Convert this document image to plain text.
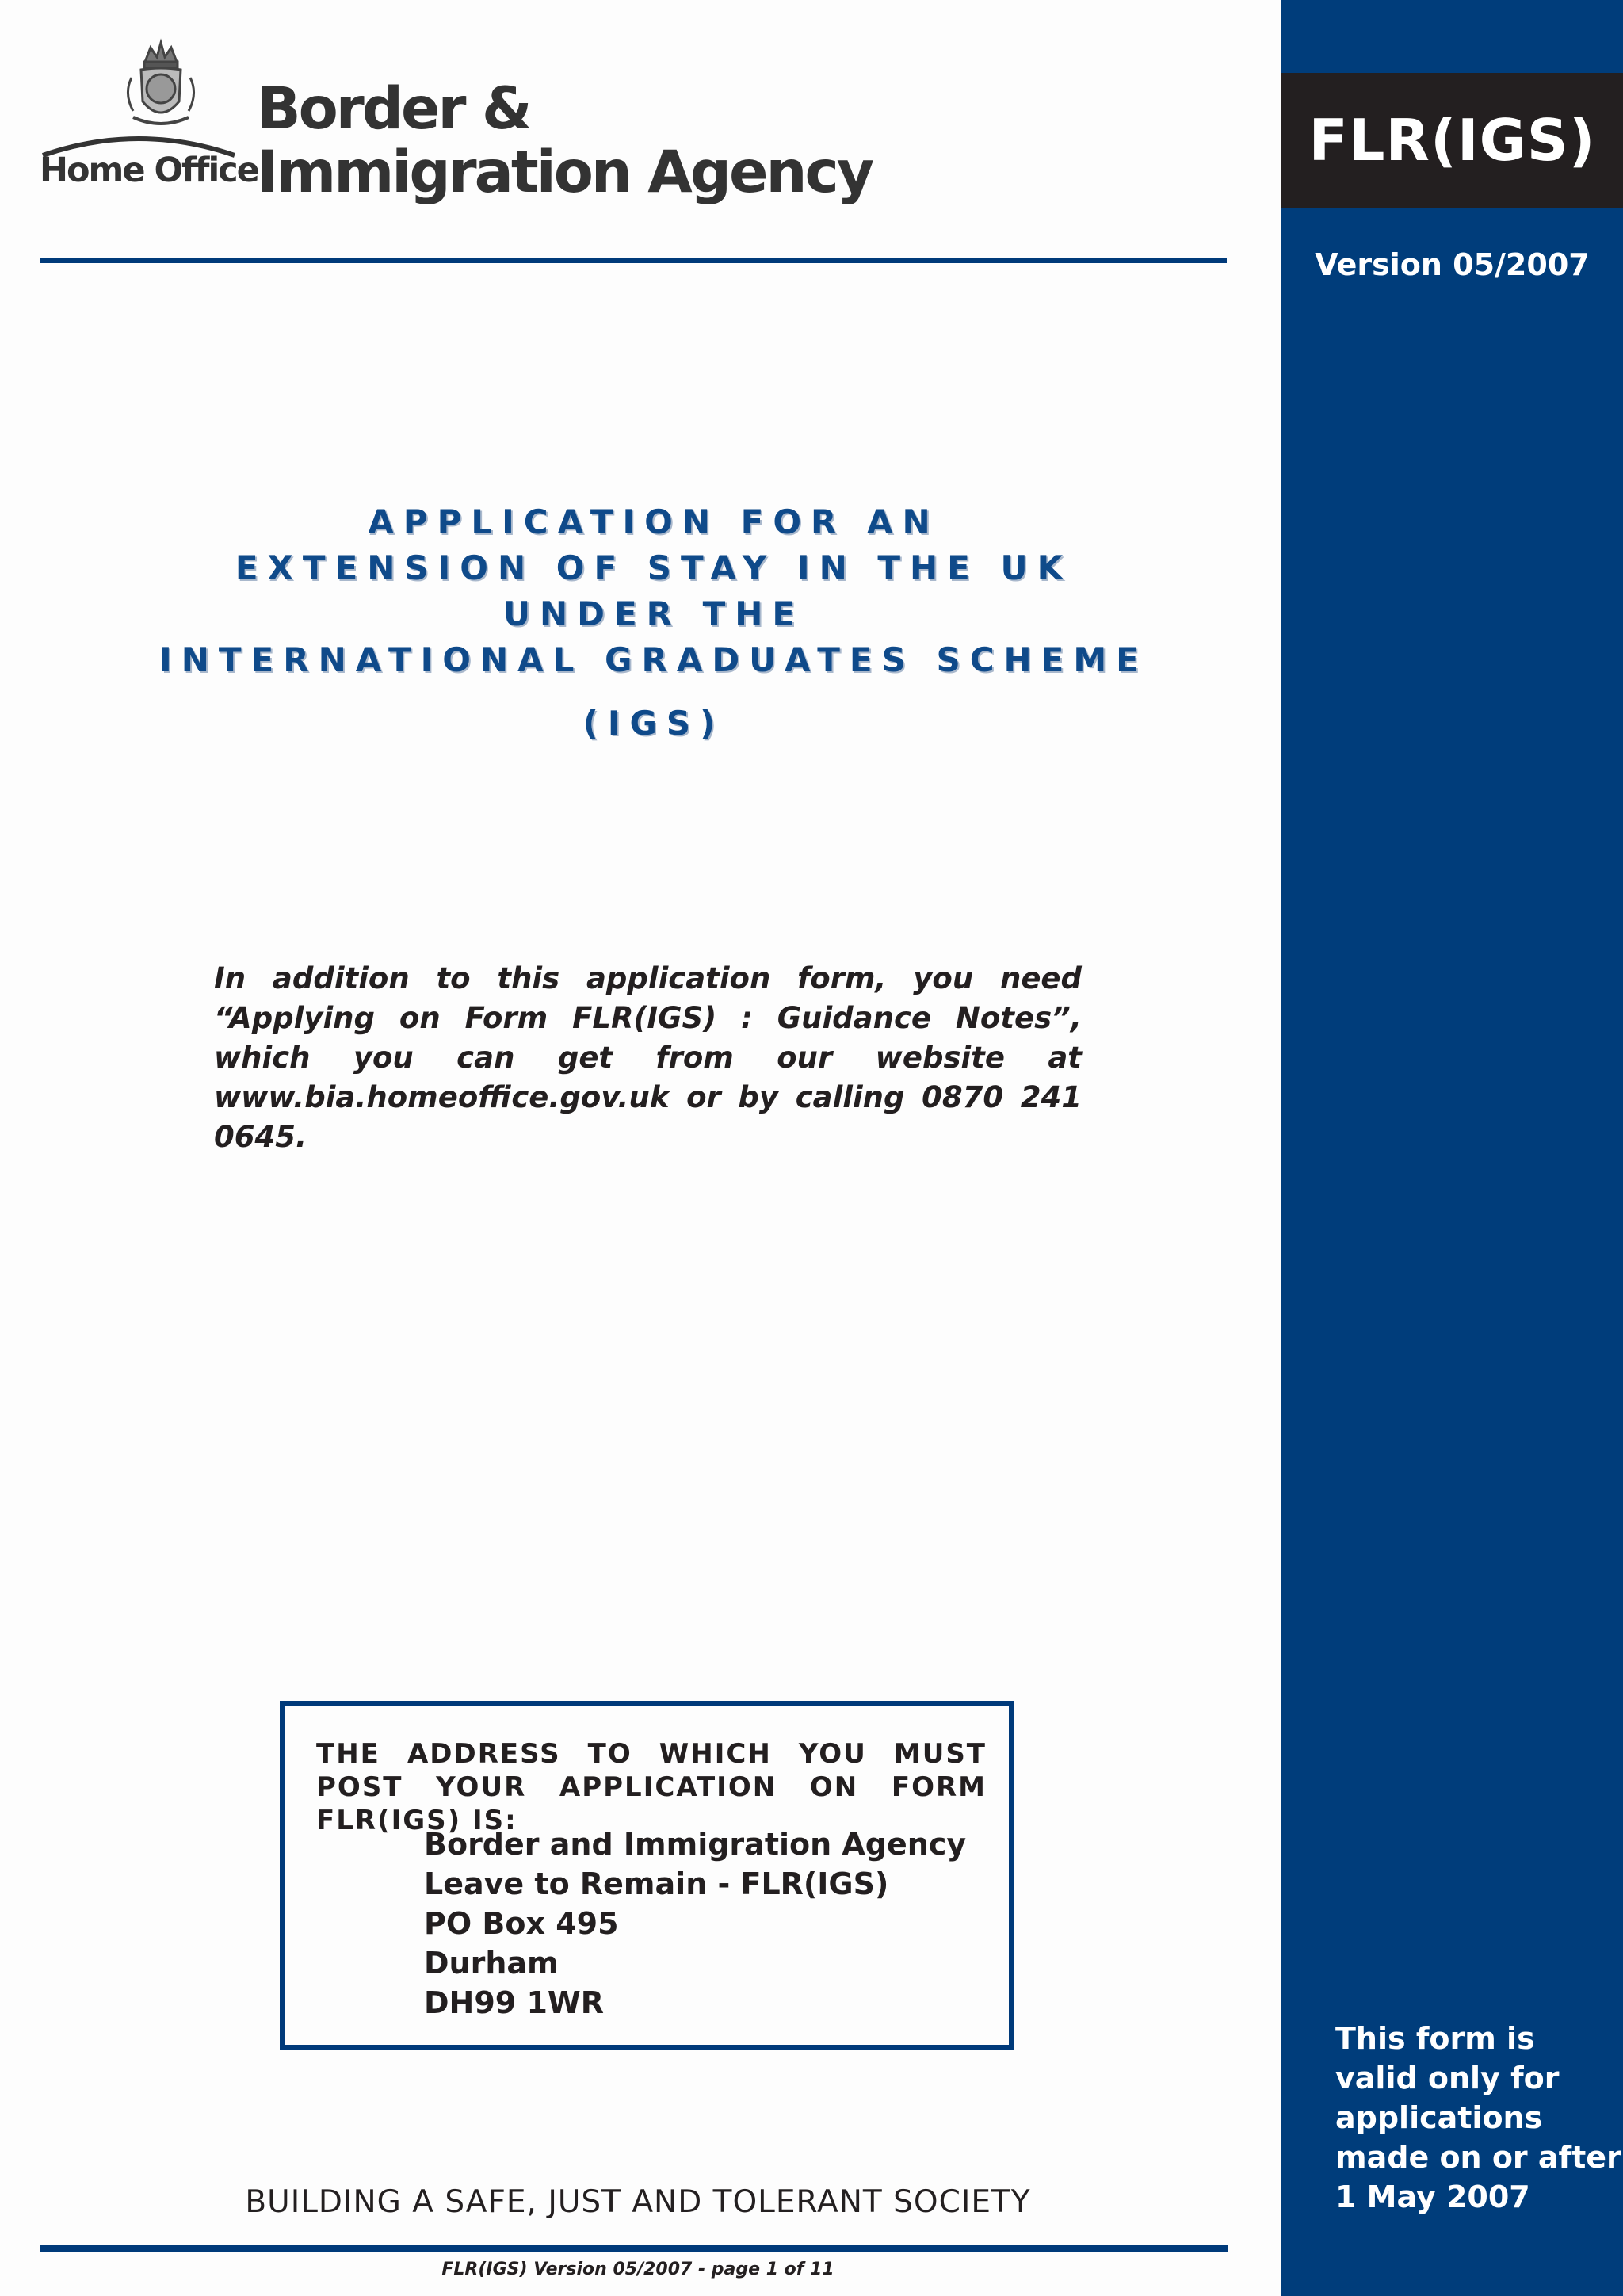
Home Office
Border &
Immigration Agency	FLR(IGS)
Version 05/2007
This form is
valid only for
applications
made on or after
1 May 2007
APPLICATION FOR AN
EXTENSION OF STAY IN THE UK
UNDER THE
INTERNATIONAL GRADUATES SCHEME
(IGS)
In addition to this application form, you need “Applying on Form FLR(IGS) : Guidance Notes”, which you can get from our website at www.bia.homeoffice.gov.uk or by calling 0870 241 0645.
THE ADDRESS TO WHICH YOU MUST POST YOUR APPLICATION ON FORM FLR(IGS) IS:
Border and Immigration Agency
Leave to Remain - FLR(IGS)
PO Box 495
Durham
DH99 1WR
BUILDING A SAFE, JUST AND TOLERANT SOCIETY
FLR(IGS) Version 05/2007 - page 1 of 11
